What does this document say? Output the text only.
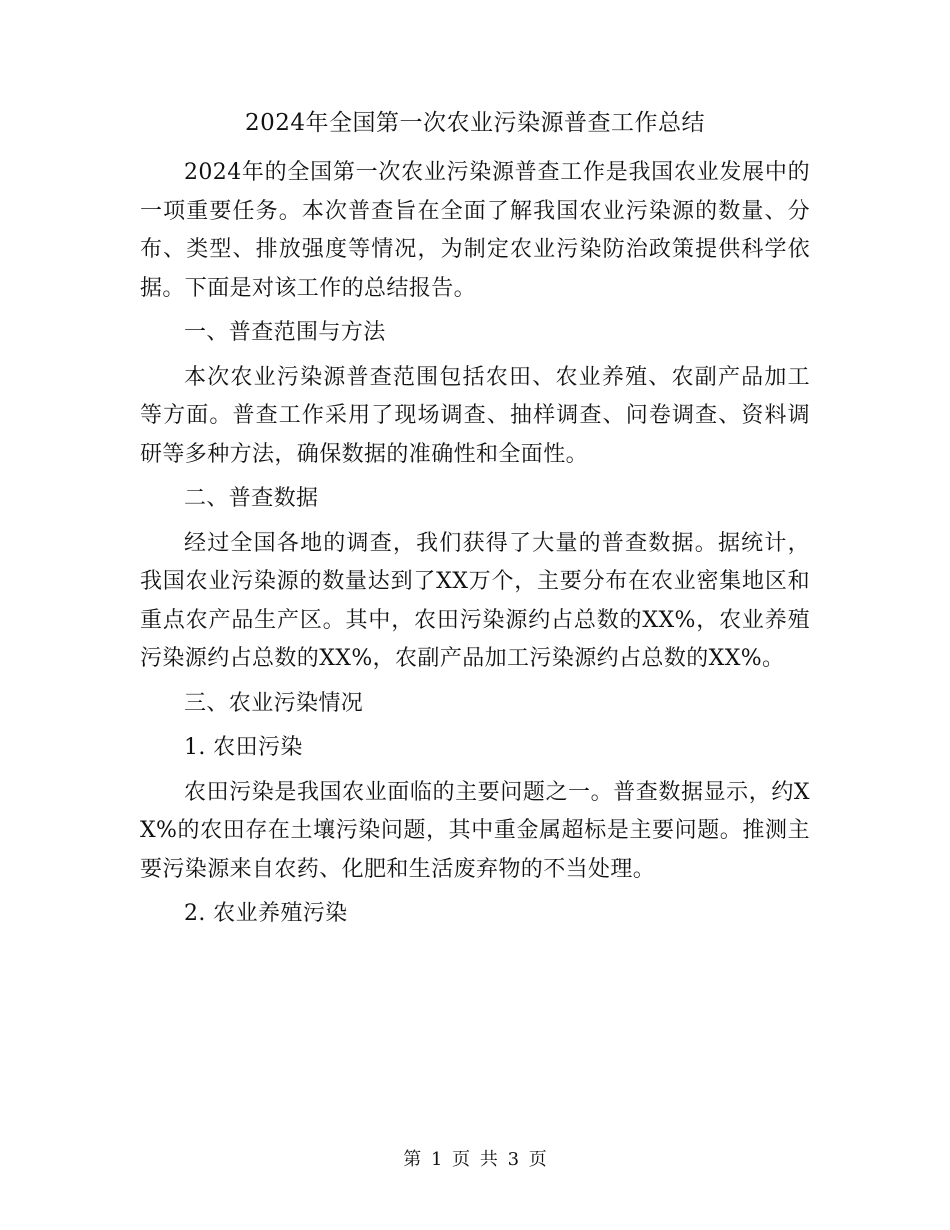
2024年全国第一次农业污染源普查工作总结

2024年的全国第一次农业污染源普查工作是我国农业发展中的一项重要任务。本次普查旨在全面了解我国农业污染源的数量、分布、类型、排放强度等情况，为制定农业污染防治政策提供科学依据。下面是对该工作的总结报告。

一、普查范围与方法

本次农业污染源普查范围包括农田、农业养殖、农副产品加工等方面。普查工作采用了现场调查、抽样调查、问卷调查、资料调研等多种方法，确保数据的准确性和全面性。

二、普查数据

经过全国各地的调查，我们获得了大量的普查数据。据统计，我国农业污染源的数量达到了XX万个，主要分布在农业密集地区和重点农产品生产区。其中，农田污染源约占总数的XX%，农业养殖污染源约占总数的XX%，农副产品加工污染源约占总数的XX%。

三、农业污染情况

1. 农田污染

农田污染是我国农业面临的主要问题之一。普查数据显示，约XX%的农田存在土壤污染问题，其中重金属超标是主要问题。推测主要污染源来自农药、化肥和生活废弃物的不当处理。

2. 农业养殖污染

第 1 页 共 3 页
